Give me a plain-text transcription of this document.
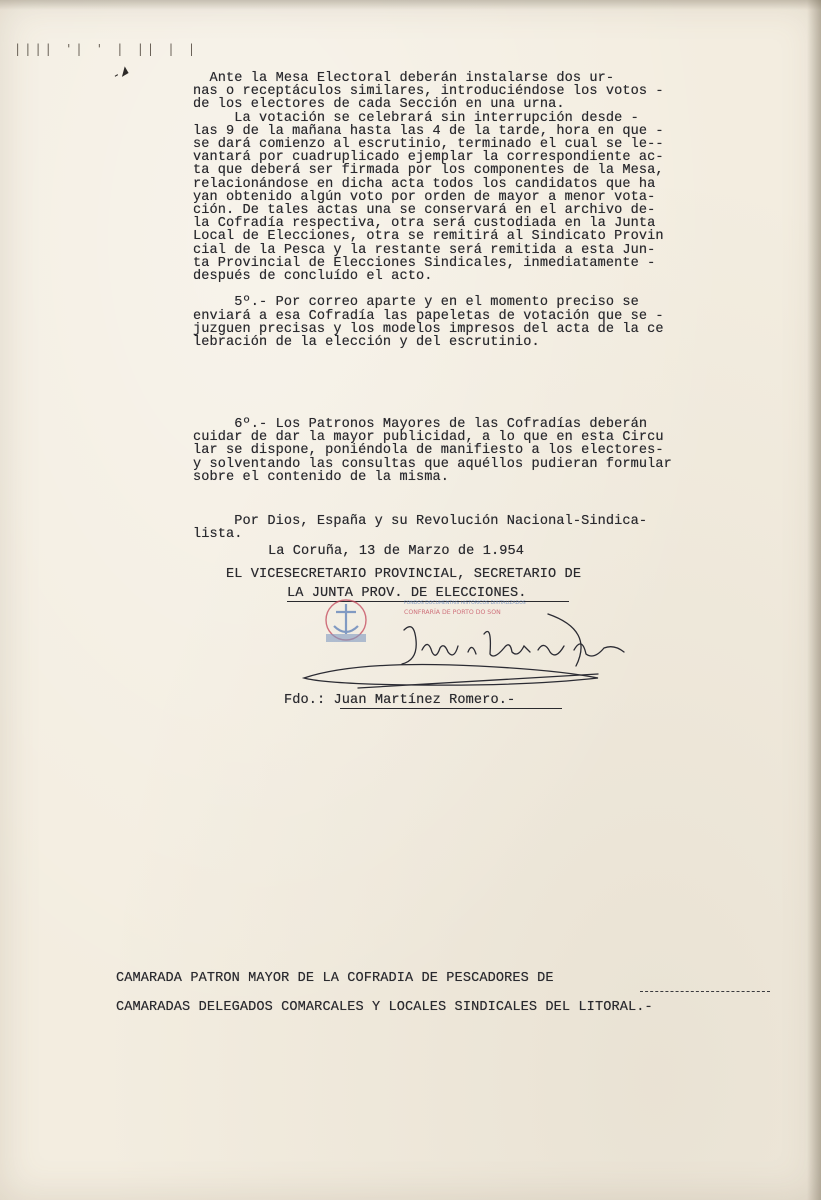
|||| '| ' | || | |
-◢	Ante la Mesa Electoral deberán instalarse dos ur-
nas o receptáculos similares, introduciéndose los votos -
de los electores de cada Sección en una urna.
La votación se celebrará sin interrupción desde -
las 9 de la mañana hasta las 4 de la tarde, hora en que -
se dará comienzo al escrutinio, terminado el cual se le--
vantará por cuadruplicado ejemplar la correspondiente ac-
ta que deberá ser firmada por los componentes de la Mesa,
relacionándose en dicha acta todos los candidatos que ha
yan obtenido algún voto por orden de mayor a menor vota-
ción. De tales actas una se conservará en el archivo de-
la Cofradía respectiva, otra será custodiada en la Junta
Local de Elecciones, otra se remitirá al Sindicato Provin
cial de la Pesca y la restante será remitida a esta Jun-
ta Provincial de Elecciones Sindicales, inmediatamente -
después de concluído el acto.

5º.- Por correo aparte y en el momento preciso se
enviará a esa Cofradía las papeletas de votación que se -
juzguen precisas y los modelos impresos del acta de la ce
lebración de la elección y del escrutinio.
6º.- Los Patronos Mayores de las Cofradías deberán
cuidar de dar la mayor publicidad, a lo que en esta Circu
lar se dispone, poniéndola de manifiesto a los electores-
y solventando las consultas que aquéllos pudieran formular
sobre el contenido de la misma.
Por Dios, España y su Revolución Nacional-Sindica-
lista.
La Coruña, 13 de Marzo de 1.954
EL VICESECRETARIO PROVINCIAL, SECRETARIO DE
LA JUNTA PROV. DE ELECCIONES.
FONDOS DOCUMENTAIS HISTÓRICOS DIXITALIZADOS
CONFRARÍA DE PORTO DO SON
Fdo.: Juan Martínez Romero.-
CAMARADA PATRON MAYOR DE LA COFRADIA DE PESCADORES DE
CAMARADAS DELEGADOS COMARCALES Y LOCALES SINDICALES DEL LITORAL.-
